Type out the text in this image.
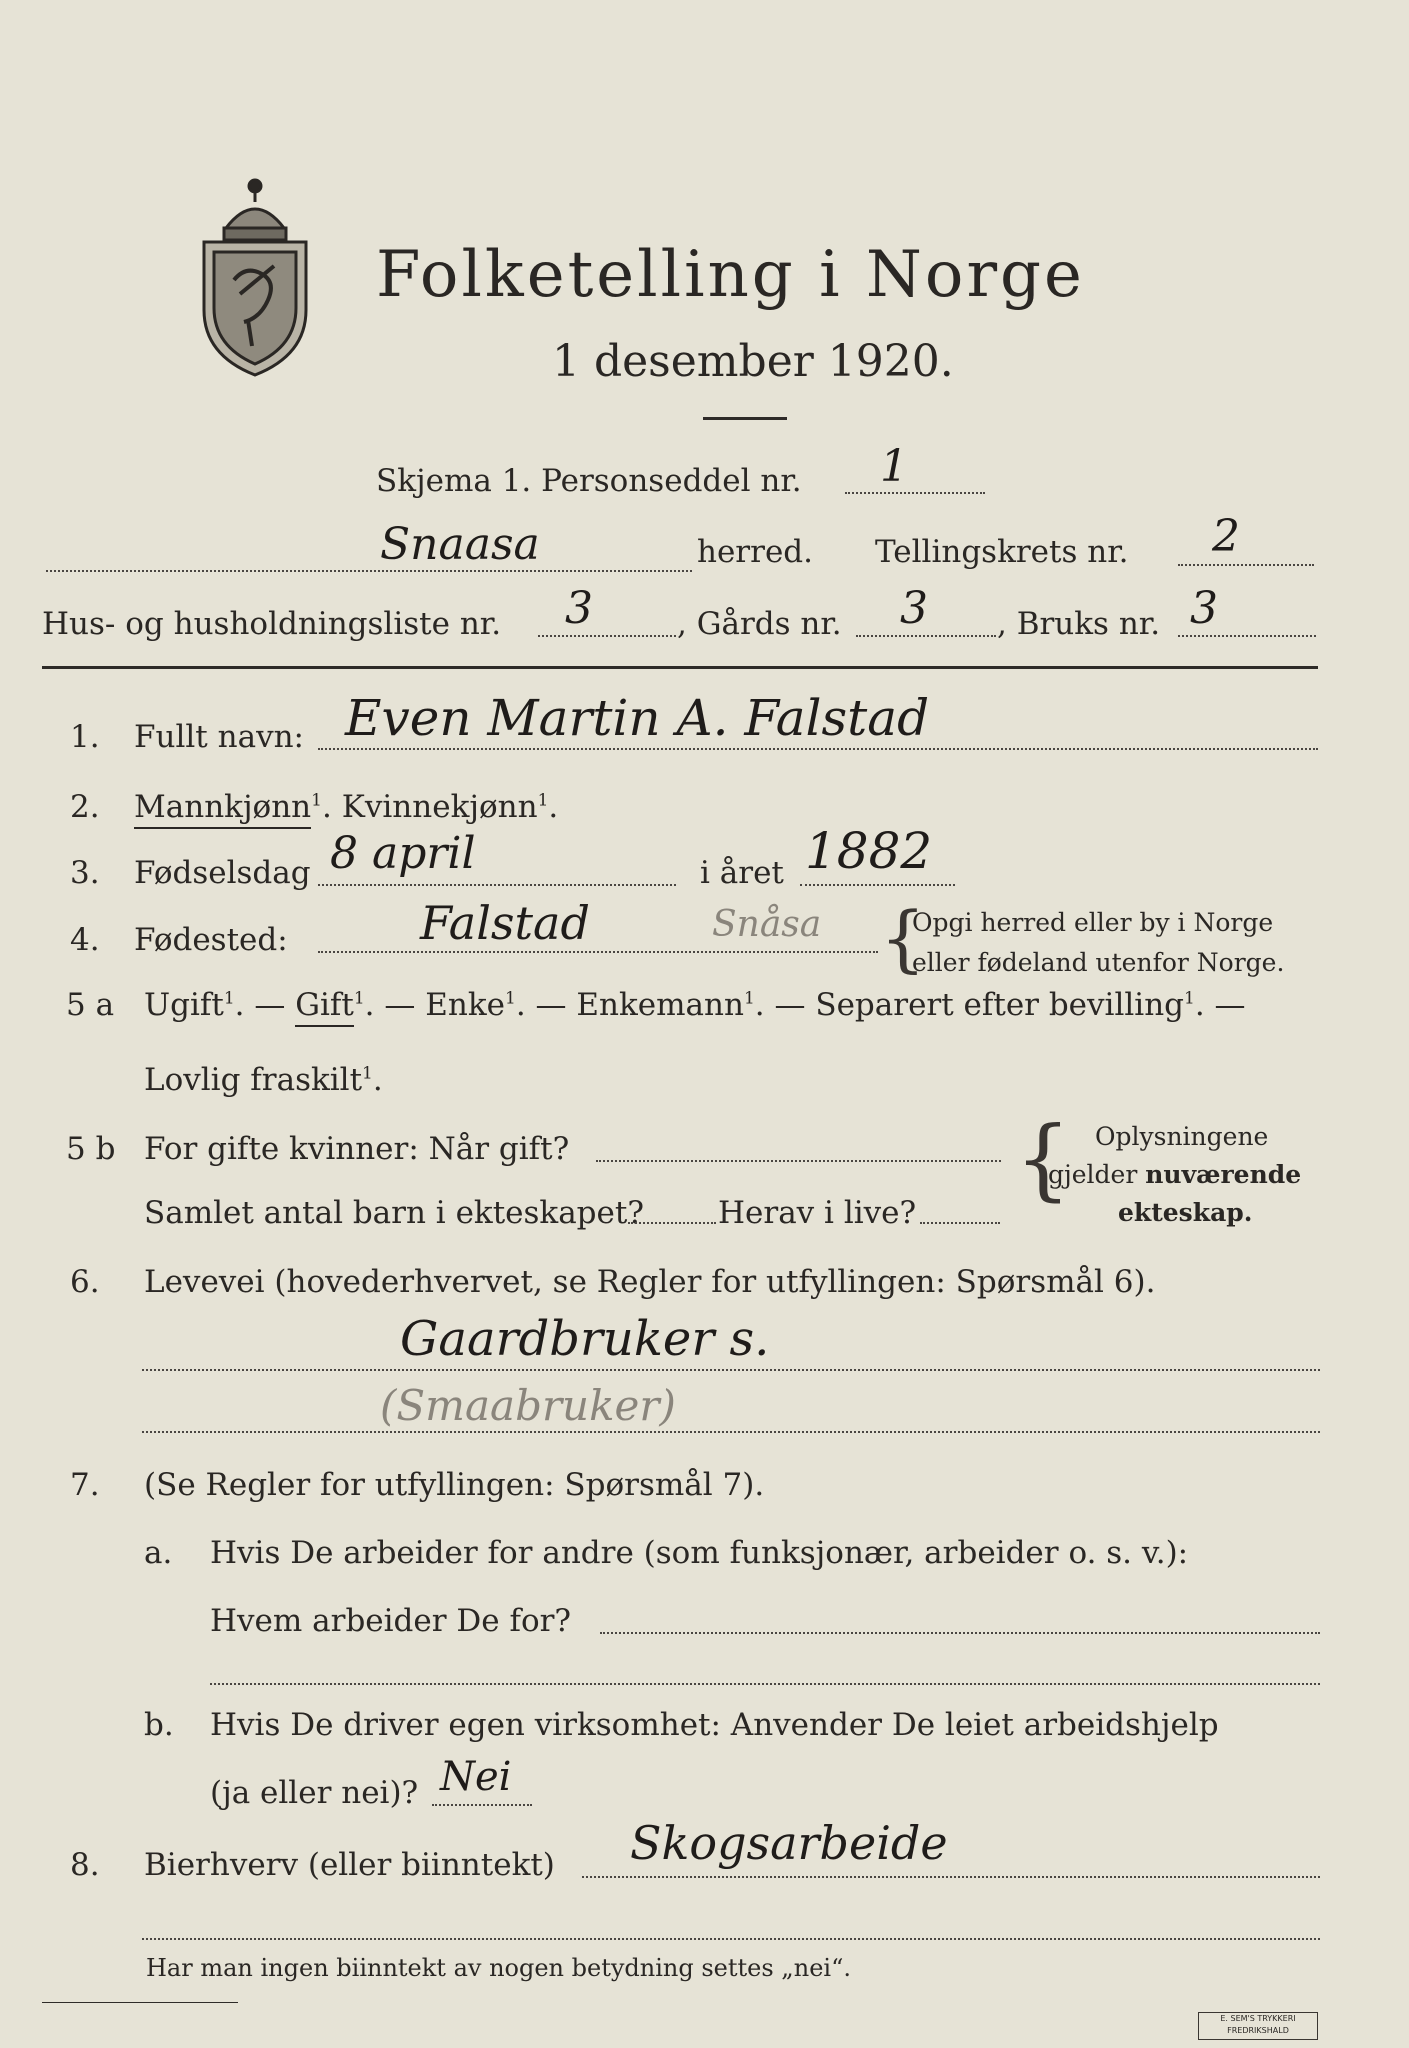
Folketelling i Norge
1 desember 1920.
Skjema 1. Personseddel nr. 1
Snaasa	herred. Tellingskrets nr. 2
Hus- og husholdningsliste nr. 3	, Gårds nr. 3 , Bruks nr. 3
1. Fullt navn: Even Martin A. Falstad
2. Mannkjønn$^1$. Kvinnekjønn$^1$.
3. Fødselsdag 8 april	i året 1882
4. Fødested:	Falstad	Snåsa {
Opgi herred eller by i Norge
eller fødeland utenfor Norge.
5 a Ugift$^1$. — Gift$^1$. — Enke$^1$. — Enkemann$^1$. — Separert efter bevilling$^1$. —
Lovlig fraskilt$^1$.
5 b For gifte kvinner: Når gift?
Samlet antal barn i ekteskapet? Herav i live?
{ Oplysningene
gjelder nuværende
ekteskap.
6. Levevei (hovederhvervet, se Regler for utfyllingen: Spørsmål 6).
Gaardbruker s.
(Smaabruker)
7. (Se Regler for utfyllingen: Spørsmål 7).
a. Hvis De arbeider for andre (som funksjonær, arbeider o. s. v.):
Hvem arbeider De for?
b. Hvis De driver egen virksomhet: Anvender De leiet arbeidshjelp
(ja eller nei)? Nei
8. Bierhverv (eller biinntekt) Skogsarbeide
Har man ingen biinntekt av nogen betydning settes „nei“.
E. SEM'S TRYKKERI
FREDRIKSHALD
